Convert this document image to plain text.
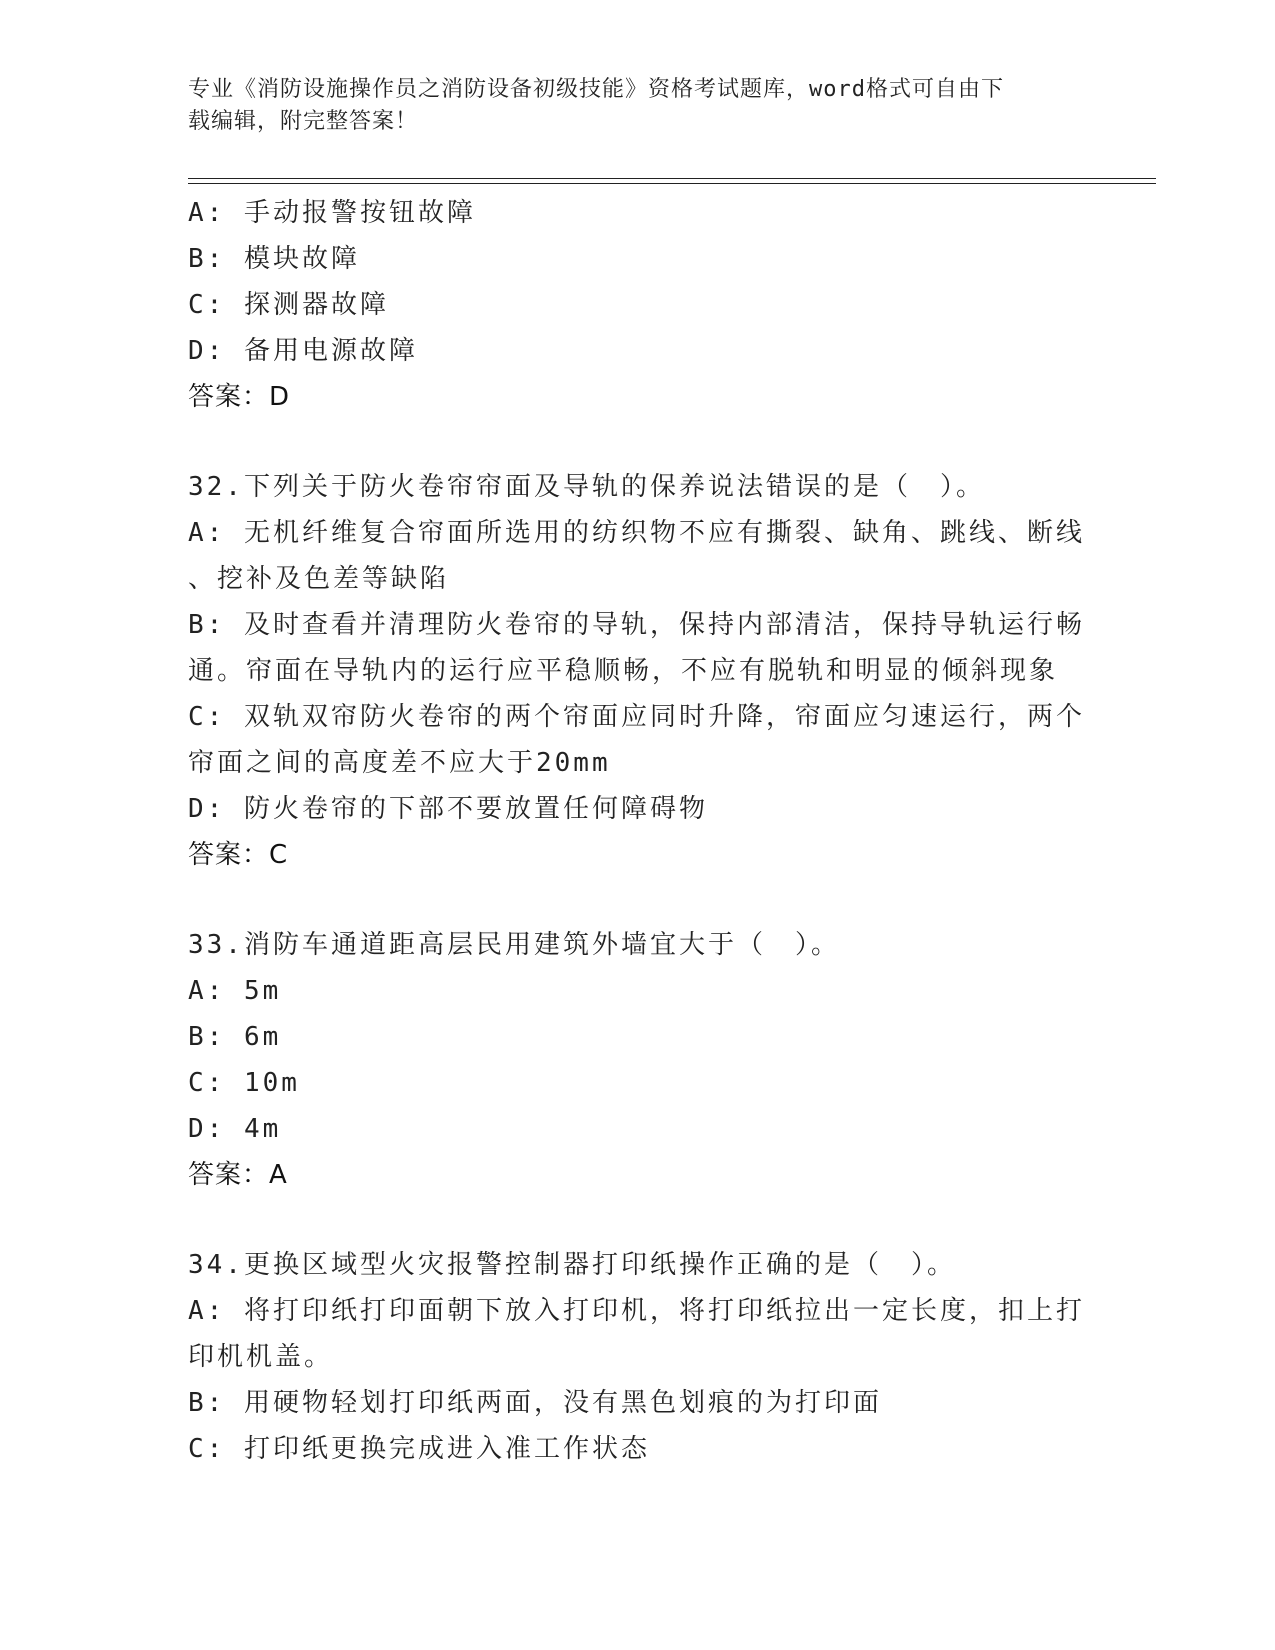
专业《消防设施操作员之消防设备初级技能》资格考试题库，word格式可自由下
载编辑，附完整答案！
A: 手动报警按钮故障
B: 模块故障
C: 探测器故障
D: 备用电源故障
答案：D
32.下列关于防火卷帘帘面及导轨的保养说法错误的是（　）。
A: 无机纤维复合帘面所选用的纺织物不应有撕裂、缺角、跳线、断线
、挖补及色差等缺陷
B: 及时查看并清理防火卷帘的导轨，保持内部清洁，保持导轨运行畅
通。帘面在导轨内的运行应平稳顺畅，不应有脱轨和明显的倾斜现象
C: 双轨双帘防火卷帘的两个帘面应同时升降，帘面应匀速运行，两个
帘面之间的高度差不应大于20mm
D: 防火卷帘的下部不要放置任何障碍物
答案：C
33.消防车通道距高层民用建筑外墙宜大于（　）。
A: 5m
B: 6m
C: 10m
D: 4m
答案：A
34.更换区域型火灾报警控制器打印纸操作正确的是（　）。
A: 将打印纸打印面朝下放入打印机，将打印纸拉出一定长度，扣上打
印机机盖。
B: 用硬物轻划打印纸两面，没有黑色划痕的为打印面
C: 打印纸更换完成进入准工作状态
